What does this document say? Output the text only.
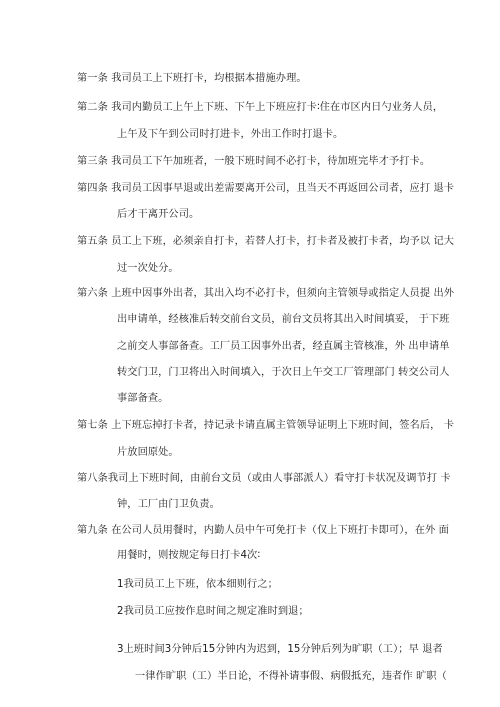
第一条 我司员工上下班打卡，均根据本措施办理。
第二条 我司内勤员工上午上下班、下午上下班应打卡∶住在市区内日勺业务人员，
上午及下午到公司时打进卡，外出工作时打退卡。
第三条 我司员工下午加班者，一般下班时间不必打卡，待加班完毕才予打卡。
第四条 我司员工因事早退或出差需要离开公司，且当天不再返回公司者，应打 退卡
后才干离开公司。
第五条 员工上下班，必须亲自打卡，若替人打卡，打卡者及被打卡者，均予以 记大
过一次处分。
第六条 上班中因事外出者，其出入均不必打卡，但须向主管领导或指定人员提 出外
出申请单，经核准后转交前台文员，前台文员将其出入时间填妥， 于下班
之前交人事部备查。工厂员工因事外出者，经直属主管核准，外 出申请单
转交门卫，门卫将出入时间填入，于次日上午交工厂管理部门 转交公司人
事部备查。
第七条 上下班忘掉打卡者，持记录卡请直属主管领导证明上下班时间，签名后， 卡
片放回原处。
第八条我司上下班时间，由前台文员（或由人事部派人）看守打卡状况及调节打 卡
钟，工厂由门卫负责。
第九条 在公司人员用餐时，内勤人员中午可免打卡（仅上下班打卡即可），在外 面
用餐时，则按规定每日打卡4次∶
1我司员工上下班，依本细则行之；
2我司员工应按作息时间之规定准时到退；
3上班时间3分钟后15分钟内为迟到，15分钟后列为旷职（工）；早 退者
一律作旷职（工）半日论，不得补请事假、病假抵充，违者作 旷职（
